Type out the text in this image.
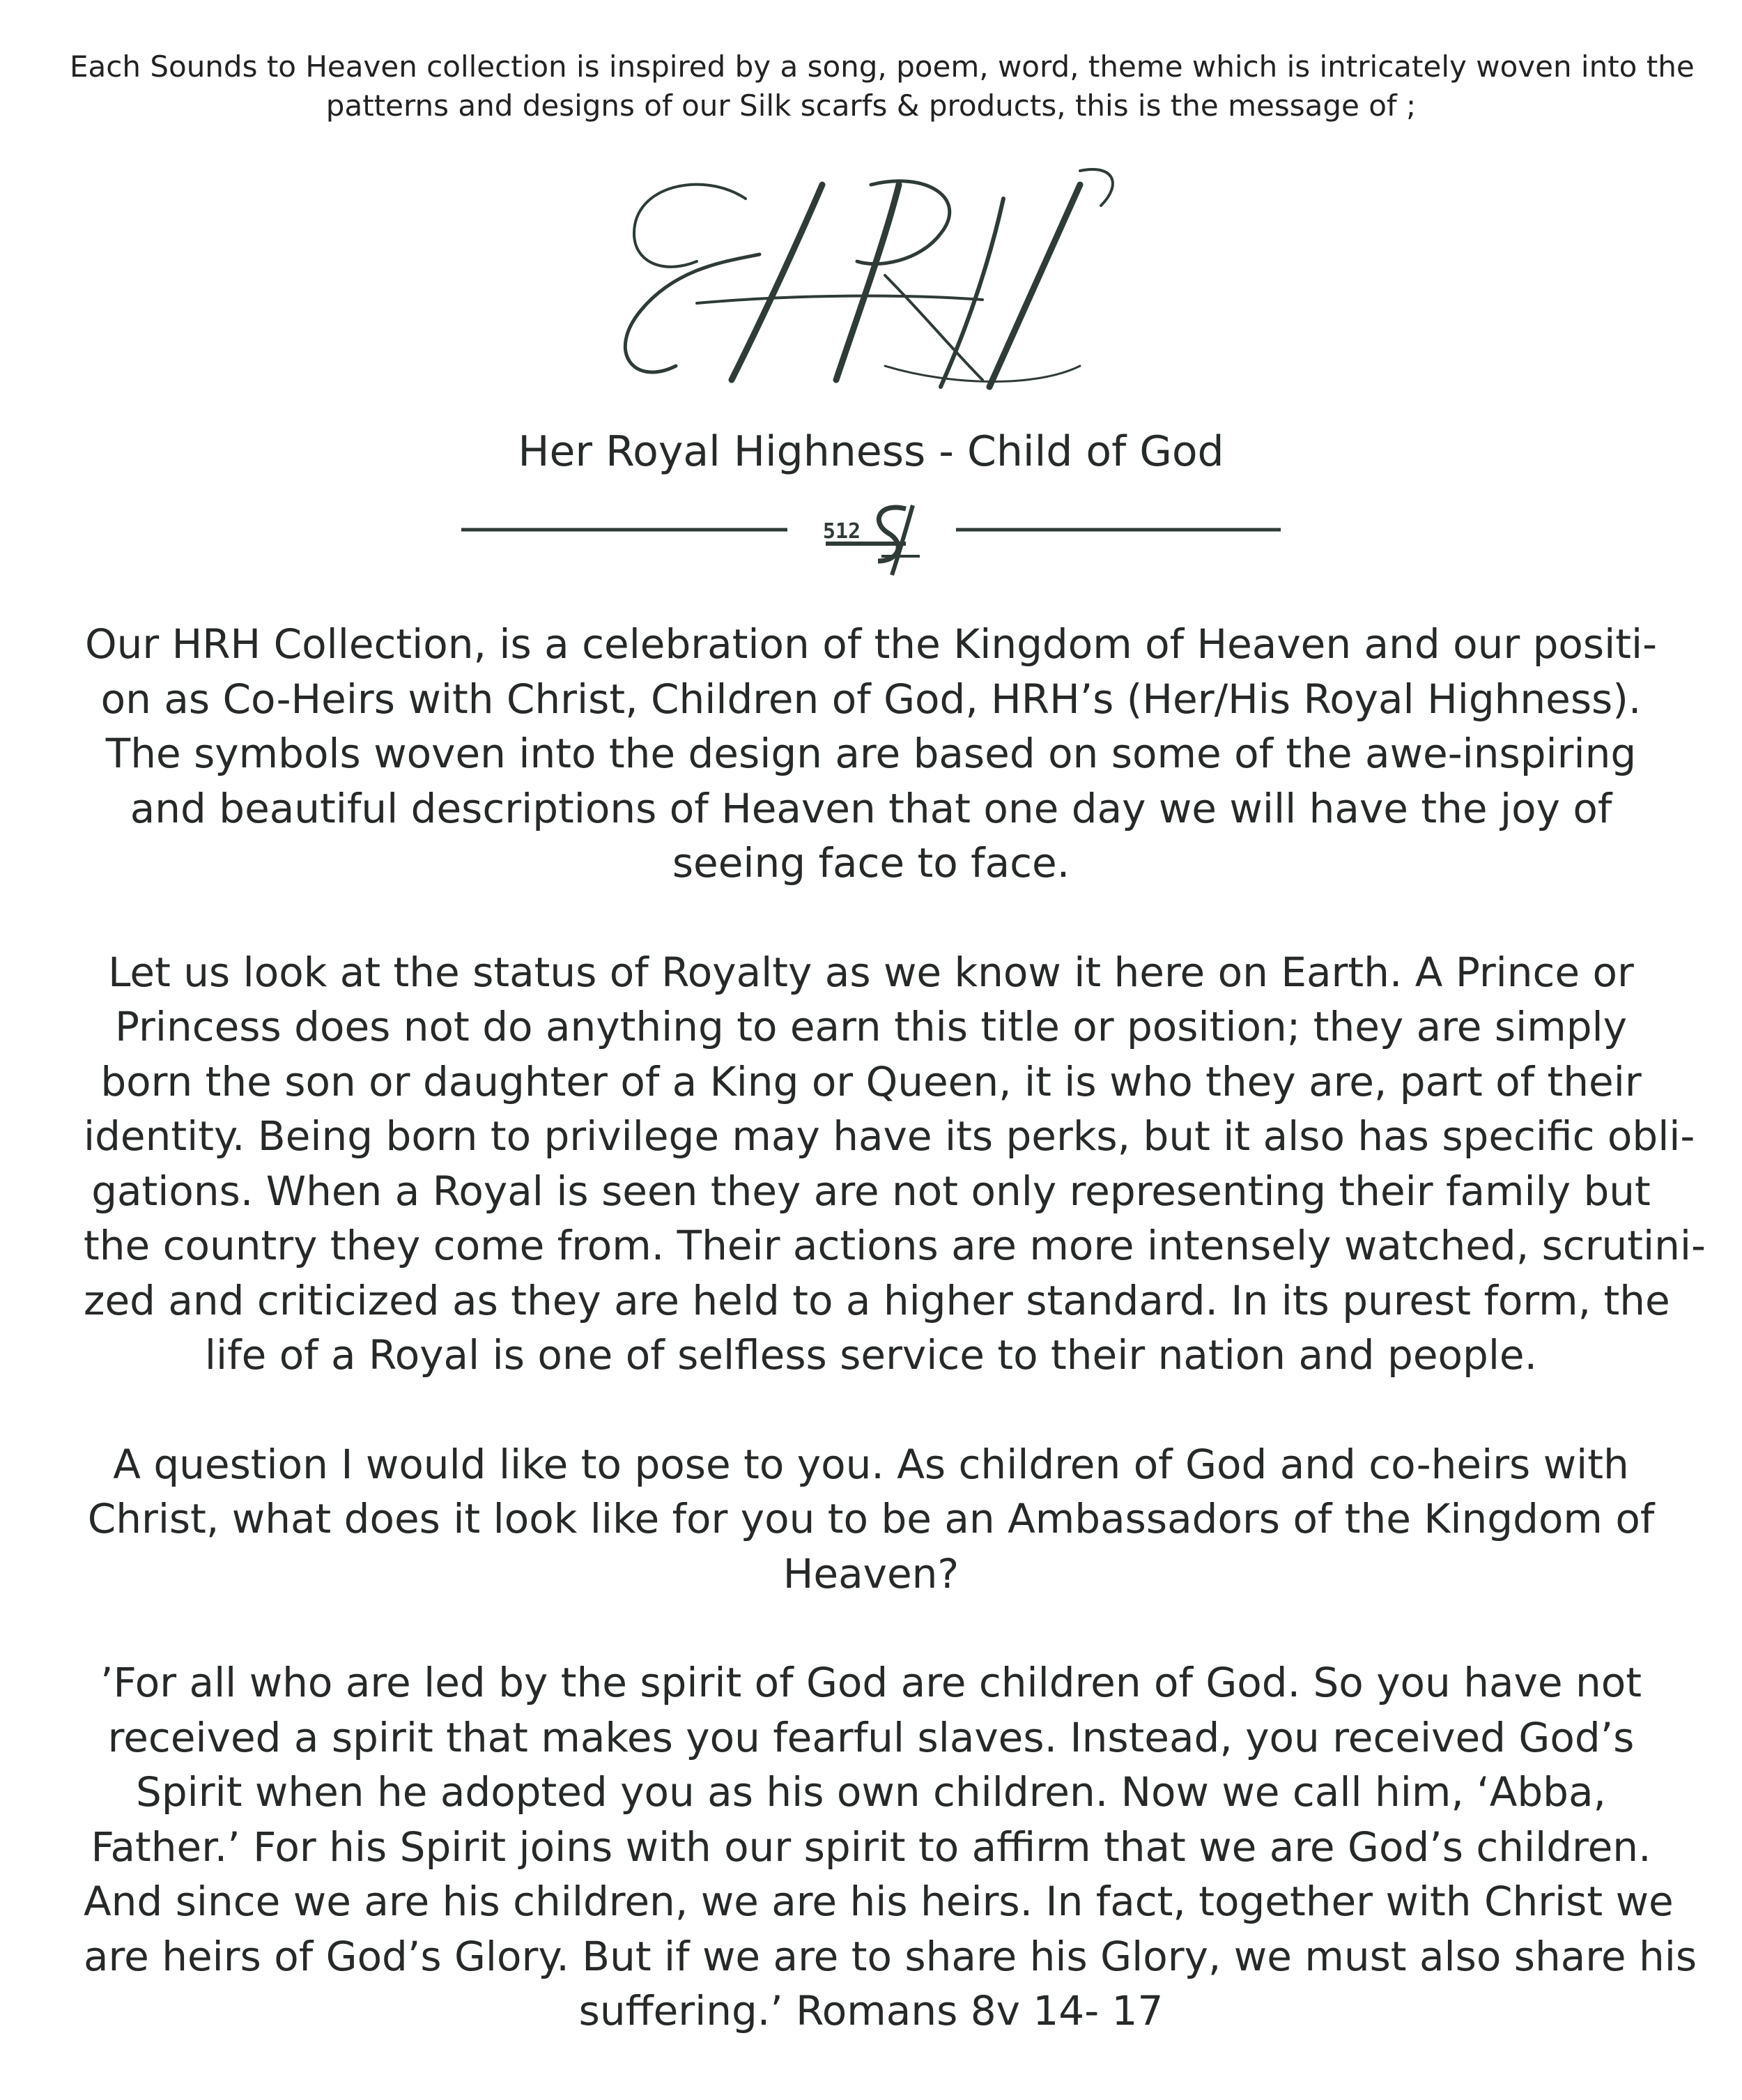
Each Sounds to Heaven collection is inspired by a song, poem, word, theme which is intricately woven into the
patterns and designs of our Silk scarfs & products, this is the message of ;
HRH
Her Royal Highness - Child of God
512
Our HRH Collection, is a celebration of the Kingdom of Heaven and our positi-
on as Co-Heirs with Christ, Children of God, HRH’s (Her/His Royal Highness).
The symbols woven into the design are based on some of the awe-inspiring
and beautiful descriptions of Heaven that one day we will have the joy of
seeing face to face.
Let us look at the status of Royalty as we know it here on Earth. A Prince or
Princess does not do anything to earn this title or position; they are simply
born the son or daughter of a King or Queen, it is who they are, part of their
identity. Being born to privilege may have its perks, but it also has specific obli-
gations. When a Royal is seen they are not only representing their family but
the country they come from. Their actions are more intensely watched, scrutini-
zed and criticized as they are held to a higher standard. In its purest form, the
life of a Royal is one of selfless service to their nation and people.
A question I would like to pose to you. As children of God and co-heirs with
Christ, what does it look like for you to be an Ambassadors of the Kingdom of
Heaven?
’For all who are led by the spirit of God are children of God. So you have not
received a spirit that makes you fearful slaves. Instead, you received God’s
Spirit when he adopted you as his own children. Now we call him, ‘Abba,
Father.’ For his Spirit joins with our spirit to affirm that we are God’s children.
And since we are his children, we are his heirs. In fact, together with Christ we
are heirs of God’s Glory. But if we are to share his Glory, we must also share his
suffering.’ Romans 8v 14- 17
